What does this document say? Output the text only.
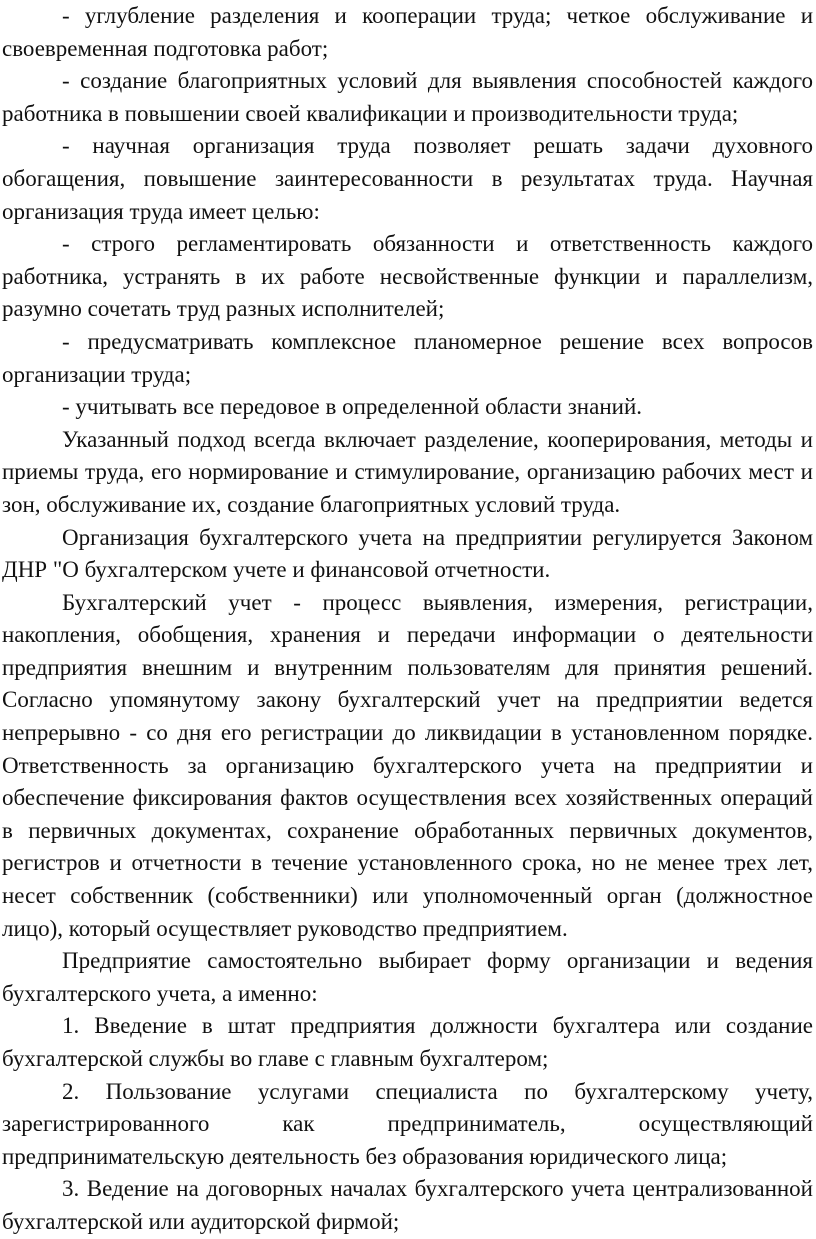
- углубление разделения и кооперации труда; четкое обслуживание и своевременная подготовка работ;

- создание благоприятных условий для выявления способностей каждого работника в повышении своей квалификации и производительности труда;

- научная организация труда позволяет решать задачи духовного обогащения, повышение заинтересованности в результатах труда. Научная организация труда имеет целью:

- строго регламентировать обязанности и ответственность каждого работника, устранять в их работе несвойственные функции и параллелизм, разумно сочетать труд разных исполнителей;

- предусматривать комплексное планомерное решение всех вопросов организации труда;

- учитывать все передовое в определенной области знаний.

Указанный подход всегда включает разделение, кооперирования, методы и приемы труда, его нормирование и стимулирование, организацию рабочих мест и зон, обслуживание их, создание благоприятных условий труда.

Организация бухгалтерского учета на предприятии регулируется Законом ДНР "О бухгалтерском учете и финансовой отчетности.

Бухгалтерский учет - процесс выявления, измерения, регистрации, накопления, обобщения, хранения и передачи информации о деятельности предприятия внешним и внутренним пользователям для принятия решений. Согласно упомянутому закону бухгалтерский учет на предприятии ведется непрерывно - со дня его регистрации до ликвидации в установленном порядке. Ответственность за организацию бухгалтерского учета на предприятии и обеспечение фиксирования фактов осуществления всех хозяйственных операций в первичных документах, сохранение обработанных первичных документов, регистров и отчетности в течение установленного срока, но не менее трех лет, несет собственник (собственники) или уполномоченный орган (должностное лицо), который осуществляет руководство предприятием.

Предприятие самостоятельно выбирает форму организации и ведения бухгалтерского учета, а именно:

1. Введение в штат предприятия должности бухгалтера или создание бухгалтерской службы во главе с главным бухгалтером;

2. Пользование услугами специалиста по бухгалтерскому учету, зарегистрированного как предприниматель, осуществляющий предпринимательскую деятельность без образования юридического лица;

3. Ведение на договорных началах бухгалтерского учета централизованной бухгалтерской или аудиторской фирмой;
